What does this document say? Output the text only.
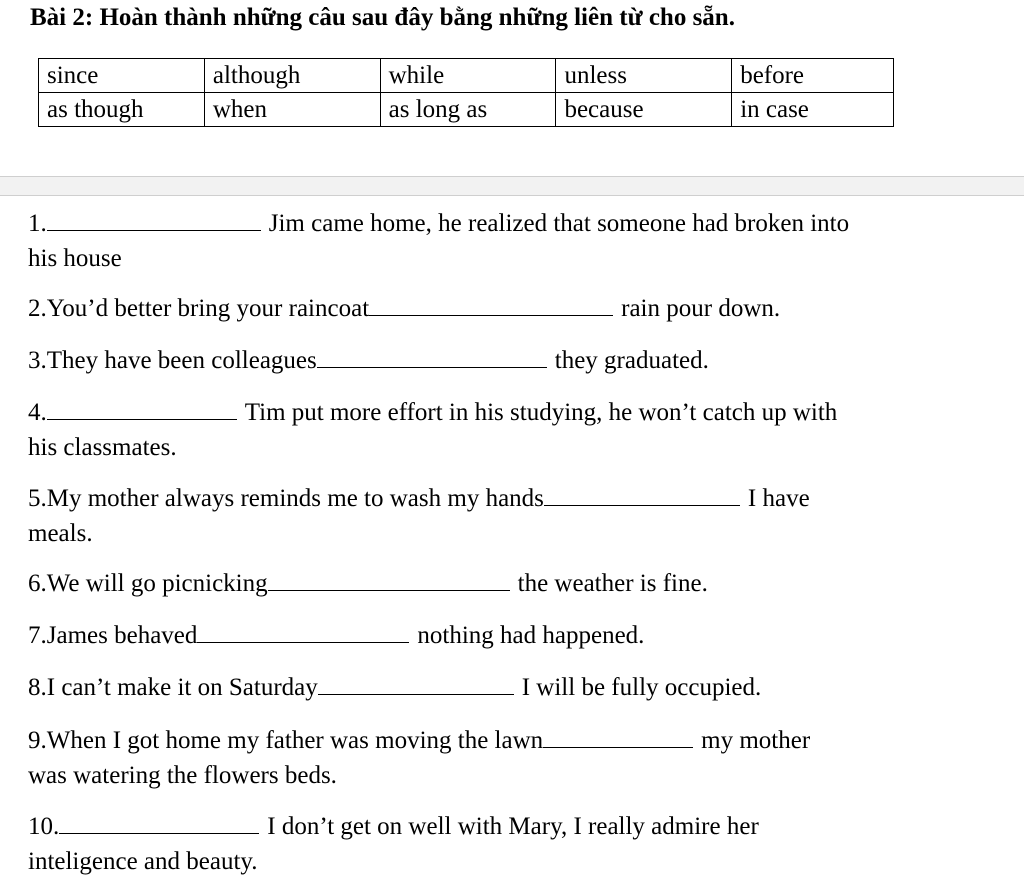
Bài 2: Hoàn thành những câu sau đây bằng những liên từ cho sẵn.
since	although	while	unless	before
as though	when	as long as	because	in case
1.	Jim came home, he realized that someone had broken into
his house
2.You’d better bring your raincoat	rain pour down.
3.They have been colleagues	they graduated.
4.	Tim put more effort in his studying, he won’t catch up with
his classmates.
5.My mother always reminds me to wash my hands	I have
meals.
6.We will go picnicking	the weather is fine.
7.James behaved	nothing had happened.
8.I can’t make it on Saturday	I will be fully occupied.
9.When I got home my father was moving the lawn	my mother
was watering the flowers beds.
10.	I don’t get on well with Mary, I really admire her
inteligence and beauty.
